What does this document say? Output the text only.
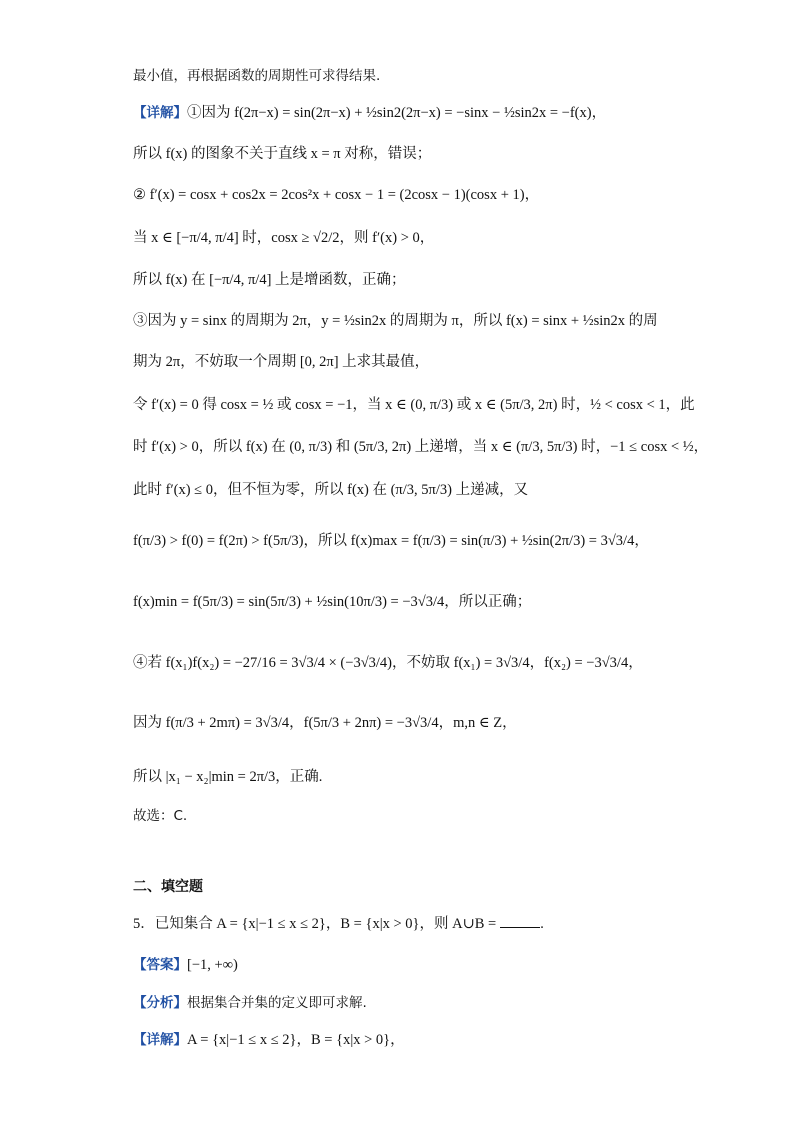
最小值，再根据函数的周期性可求得结果.
【详解】①因为 f(2π−x) = sin(2π−x) + ½sin2(2π−x) = −sinx − ½sin2x = −f(x)，
所以 f(x) 的图象不关于直线 x = π 对称，错误；
② f′(x) = cosx + cos2x = 2cos²x + cosx − 1 = (2cosx − 1)(cosx + 1)，
当 x ∈ [−π/4, π/4] 时，cosx ≥ √2/2，则 f′(x) > 0，
所以 f(x) 在 [−π/4, π/4] 上是增函数，正确；
③因为 y = sinx 的周期为 2π，y = ½sin2x 的周期为 π，所以 f(x) = sinx + ½sin2x 的周
期为 2π，不妨取一个周期 [0, 2π] 上求其最值，
令 f′(x) = 0 得 cosx = ½ 或 cosx = −1，当 x ∈ (0, π/3) 或 x ∈ (5π/3, 2π) 时，½ < cosx < 1，此
时 f′(x) > 0，所以 f(x) 在 (0, π/3) 和 (5π/3, 2π) 上递增，当 x ∈ (π/3, 5π/3) 时，−1 ≤ cosx < ½，
此时 f′(x) ≤ 0，但不恒为零，所以 f(x) 在 (π/3, 5π/3) 上递减，又
f(π/3) > f(0) = f(2π) > f(5π/3)，所以 f(x)max = f(π/3) = sin(π/3) + ½sin(2π/3) = 3√3/4，
f(x)min = f(5π/3) = sin(5π/3) + ½sin(10π/3) = −3√3/4，所以正确；
④若 f(x₁)f(x₂) = −27/16 = 3√3/4 × (−3√3/4)，不妨取 f(x₁) = 3√3/4，f(x₂) = −3√3/4，
因为 f(π/3 + 2mπ) = 3√3/4，f(5π/3 + 2nπ) = −3√3/4，m,n ∈ Z，
所以 |x₁ − x₂|min = 2π/3，正确.
故选：C.
二、填空题
5．已知集合 A = {x|−1 ≤ x ≤ 2}，B = {x|x > 0}，则 A∪B =	.
【答案】[−1, +∞)
【分析】根据集合并集的定义即可求解.
【详解】A = {x|−1 ≤ x ≤ 2}，B = {x|x > 0}，
